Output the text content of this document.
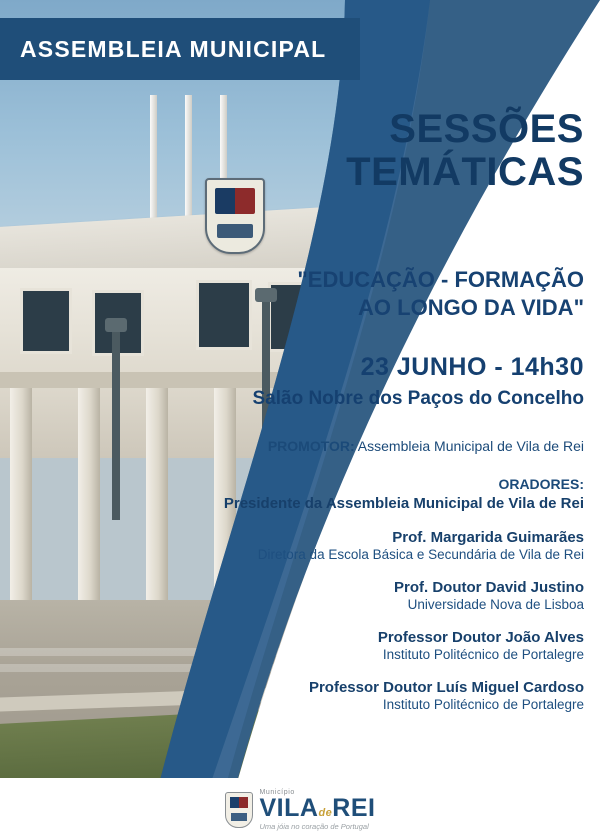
ASSEMBLEIA MUNICIPAL
SESSÕES
TEMÁTICAS
"EDUCAÇÃO - FORMAÇÃO
AO LONGO DA VIDA"
23 JUNHO - 14h30
Salão Nobre dos Paços do Concelho
PROMOTOR: Assembleia Municipal de Vila de Rei
ORADORES:
Presidente da Assembleia Municipal de Vila de Rei
Prof. Margarida Guimarães
Diretora da Escola Básica e Secundária de Vila de Rei
Prof. Doutor David Justino
Universidade Nova de Lisboa
Professor Doutor João Alves
Instituto Politécnico de Portalegre
Professor Doutor Luís Miguel Cardoso
Instituto Politécnico de Portalegre
Município
VILAdeREI
Uma jóia no coração de Portugal
